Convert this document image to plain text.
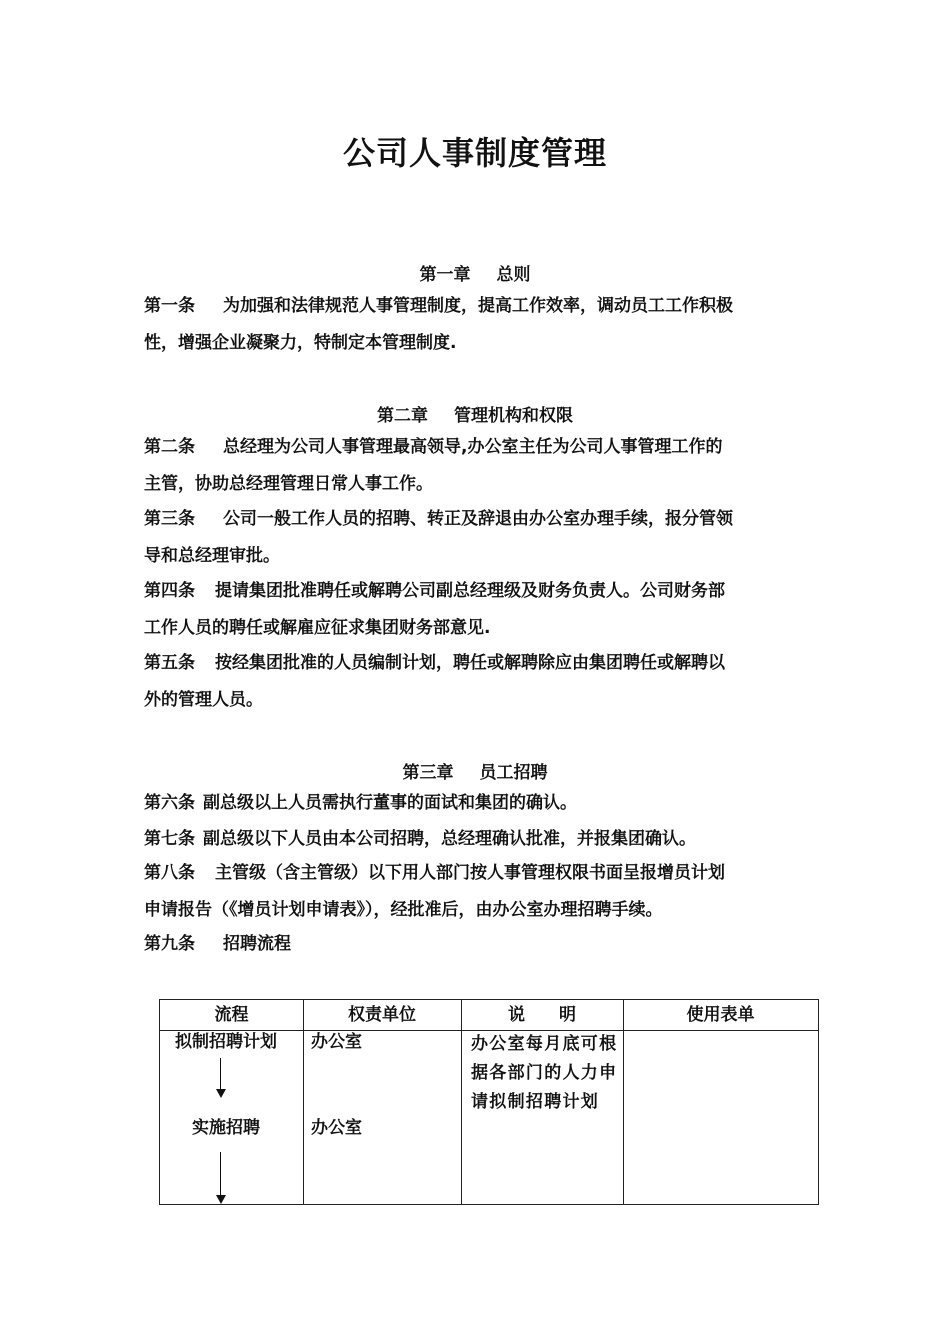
公司人事制度管理
第一章 总则
第一条 为加强和法律规范人事管理制度，提高工作效率，调动员工工作积极
性，增强企业凝聚力，特制定本管理制度.
第二章 管理机构和权限
第二条 总经理为公司人事管理最高领导,办公室主任为公司人事管理工作的
主管，协助总经理管理日常人事工作。
第三条 公司一般工作人员的招聘、转正及辞退由办公室办理手续，报分管领
导和总经理审批。
第四条 提请集团批准聘任或解聘公司副总经理级及财务负责人。公司财务部
工作人员的聘任或解雇应征求集团财务部意见.
第五条 按经集团批准的人员编制计划，聘任或解聘除应由集团聘任或解聘以
外的管理人员。
第三章 员工招聘
第六条 副总级以上人员需执行董事的面试和集团的确认。
第七条 副总级以下人员由本公司招聘，总经理确认批准，并报集团确认。
第八条 主管级（含主管级）以下用人部门按人事管理权限书面呈报增员计划
申请报告（《增员计划申请表》），经批准后，由办公室办理招聘手续。
第九条 招聘流程
流程	权责单位	说　　明	使用表单
拟制招聘计划	办公室	办公室每月底可根据各部门的人力申请拟制招聘计划
实施招聘	办公室
